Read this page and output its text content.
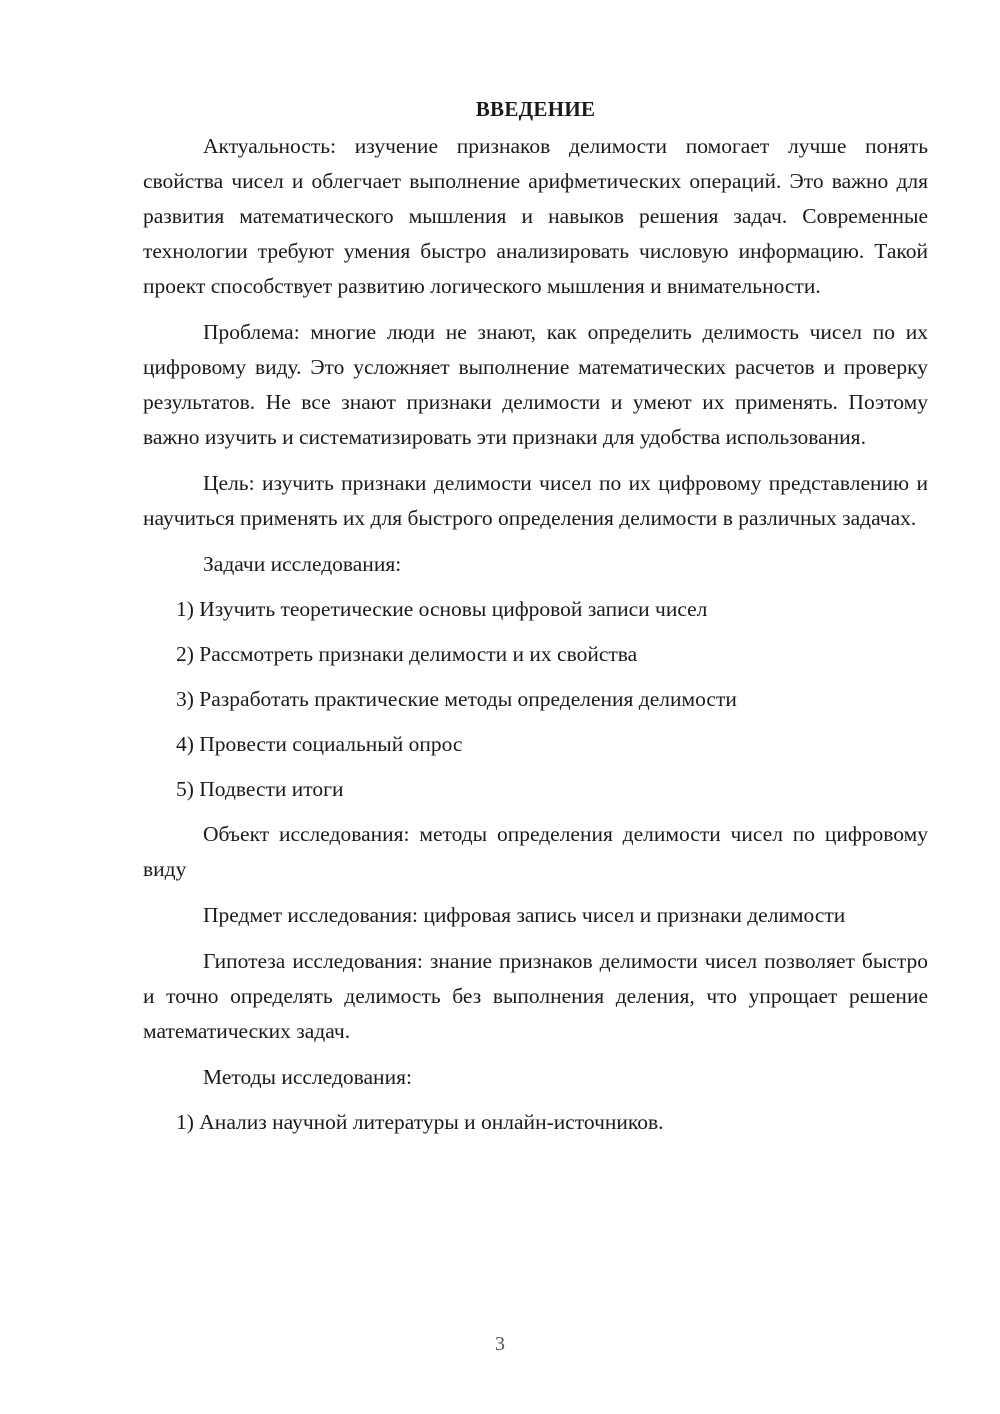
ВВЕДЕНИЕ

Актуальность: изучение признаков делимости помогает лучше понять свойства чисел и облегчает выполнение арифметических операций. Это важно для развития математического мышления и навыков решения задач. Современные технологии требуют умения быстро анализировать числовую информацию. Такой проект способствует развитию логического мышления и внимательности.

Проблема: многие люди не знают, как определить делимость чисел по их цифровому виду. Это усложняет выполнение математических расчетов и проверку результатов. Не все знают признаки делимости и умеют их применять. Поэтому важно изучить и систематизировать эти признаки для удобства использования.

Цель: изучить признаки делимости чисел по их цифровому представлению и научиться применять их для быстрого определения делимости в различных задачах.

Задачи исследования:

1) Изучить теоретические основы цифровой записи чисел
2) Рассмотреть признаки делимости и их свойства
3) Разработать практические методы определения делимости
4) Провести социальный опрос
5) Подвести итоги

Объект исследования: методы определения делимости чисел по цифровому виду

Предмет исследования: цифровая запись чисел и признаки делимости

Гипотеза исследования: знание признаков делимости чисел позволяет быстро и точно определять делимость без выполнения деления, что упрощает решение математических задач.

Методы исследования:

1) Анализ научной литературы и онлайн-источников.
3
